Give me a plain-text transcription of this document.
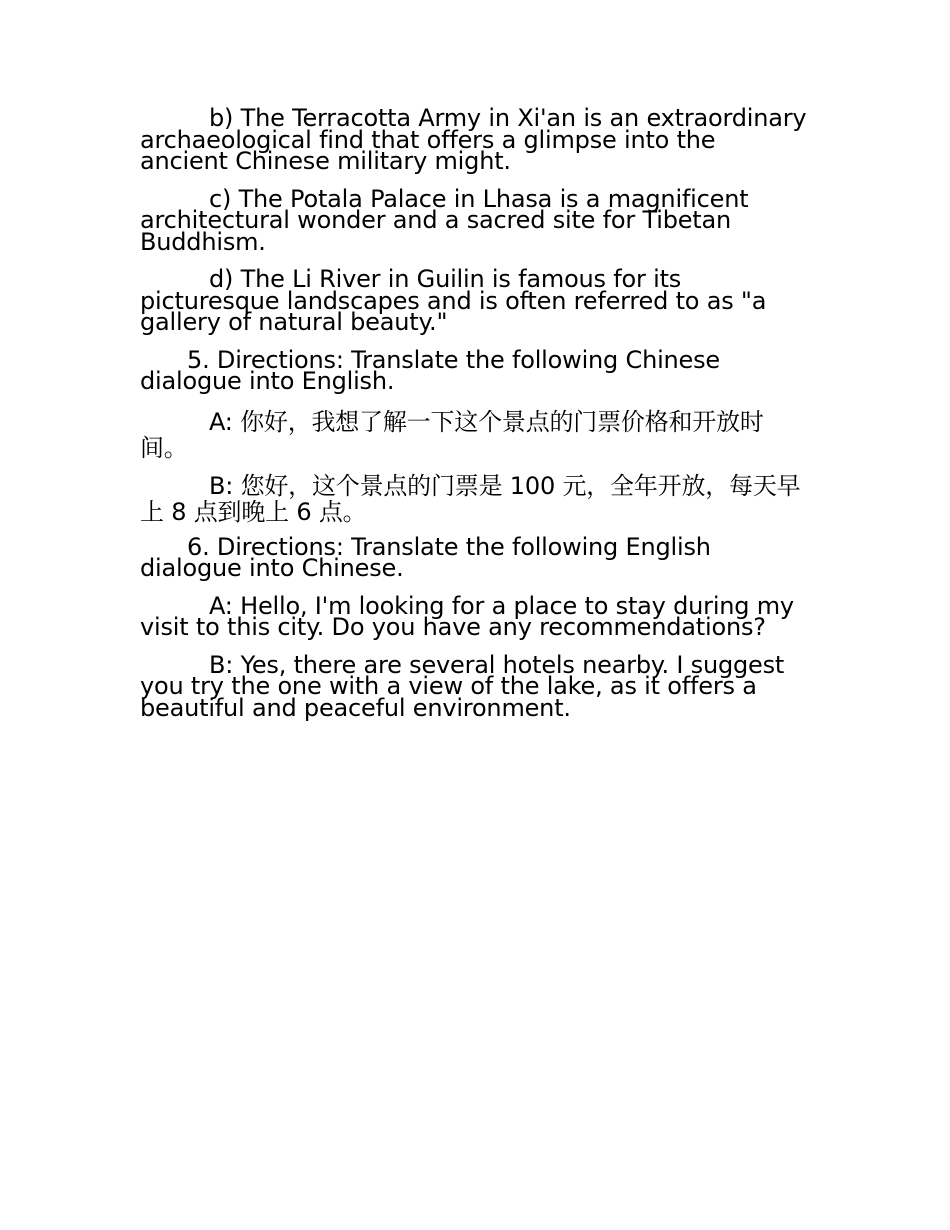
b) The Terracotta Army in Xi'an is an extraordinary archaeological find that offers a glimpse into the ancient Chinese military might.

c) The Potala Palace in Lhasa is a magnificent architectural wonder and a sacred site for Tibetan Buddhism.

d) The Li River in Guilin is famous for its picturesque landscapes and is often referred to as "a gallery of natural beauty."

5. Directions: Translate the following Chinese dialogue into English.

A: 你好，我想了解一下这个景点的门票价格和开放时间。

B: 您好，这个景点的门票是 100 元，全年开放，每天早上 8 点到晚上 6 点。

6. Directions: Translate the following English dialogue into Chinese.

A: Hello, I'm looking for a place to stay during my visit to this city. Do you have any recommendations?

B: Yes, there are several hotels nearby. I suggest you try the one with a view of the lake, as it offers a beautiful and peaceful environment.
